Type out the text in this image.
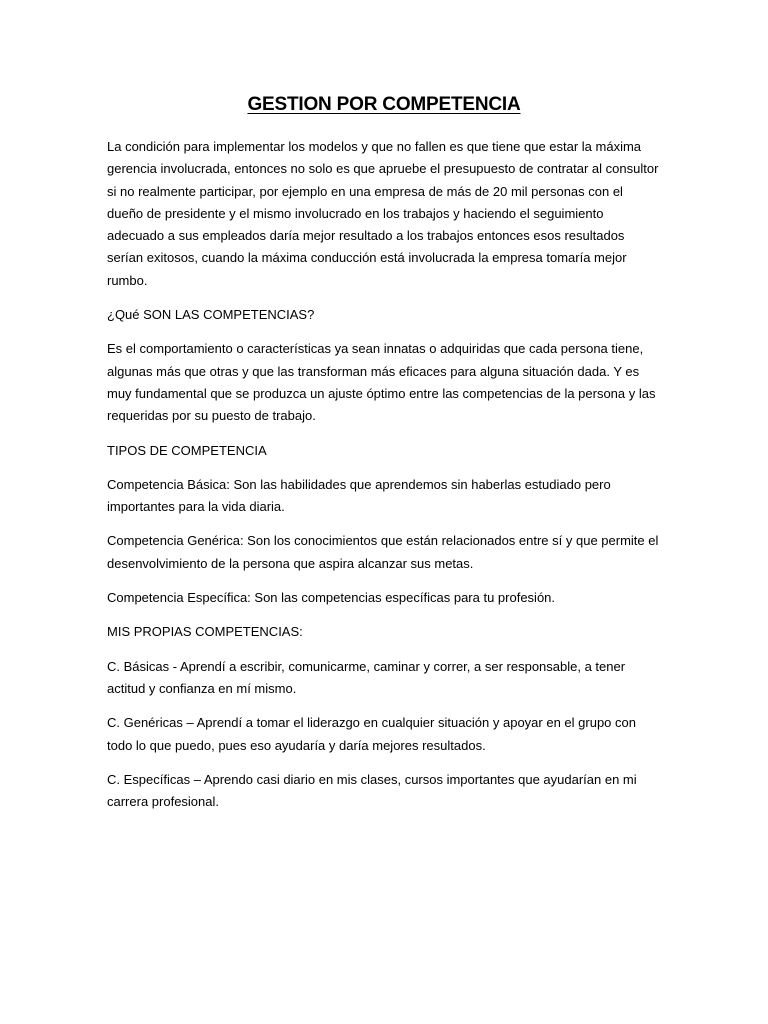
GESTION POR COMPETENCIA

La condición para implementar los modelos y que no fallen es que tiene que estar la máxima gerencia involucrada, entonces no solo es que apruebe el presupuesto de contratar al consultor si no realmente participar, por ejemplo en una empresa de más de 20 mil personas con el dueño de presidente y el mismo involucrado en los trabajos y haciendo el seguimiento adecuado a sus empleados daría mejor resultado a los trabajos entonces esos resultados serían exitosos, cuando la máxima conducción está involucrada la empresa tomaría mejor rumbo.

¿Qué SON LAS COMPETENCIAS?

Es el comportamiento o características ya sean innatas o adquiridas que cada persona tiene, algunas más que otras y que las transforman más eficaces para alguna situación dada. Y es muy fundamental que se produzca un ajuste óptimo entre las competencias de la persona y las requeridas por su puesto de trabajo.

TIPOS DE COMPETENCIA

Competencia Básica: Son las habilidades que aprendemos sin haberlas estudiado pero importantes para la vida diaria.

Competencia Genérica: Son los conocimientos que están relacionados entre sí y que permite el desenvolvimiento de la persona que aspira alcanzar sus metas.

Competencia Específica: Son las competencias específicas para tu profesión.

MIS PROPIAS COMPETENCIAS:

C. Básicas - Aprendí a escribir, comunicarme, caminar y correr, a ser responsable, a tener actitud y confianza en mí mismo.

C. Genéricas – Aprendí a tomar el liderazgo en cualquier situación y apoyar en el grupo con todo lo que puedo, pues eso ayudaría y daría mejores resultados.

C. Específicas – Aprendo casi diario en mis clases, cursos importantes que ayudarían en mi carrera profesional.
